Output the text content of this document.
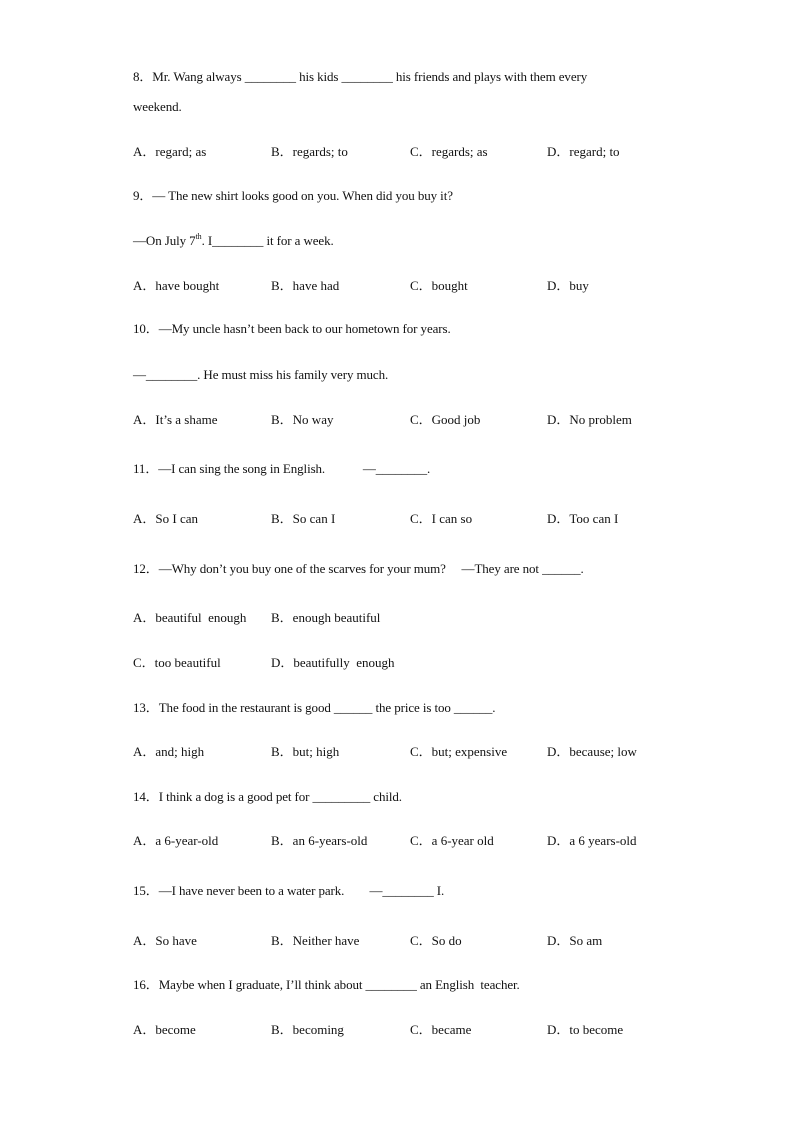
8．Mr. Wang always ________ his kids ________ his friends and plays with them every
weekend.
A．regard; as	B．regards; to	C．regards; as	D．regard; to
9．— The new shirt looks good on you. When did you buy it?
—On July 7th. I________ it for a week.
A．have bought	B．have had	C．bought	D．buy
10．—My uncle hasn’t been back to our hometown for years.
—________. He must miss his family very much.
A．It’s a shame	B．No way	C．Good job	D．No problem
11．—I can sing the song in English.            —________.
A．So I can	B．So can I	C．I can so	D．Too can I
12．—Why don’t you buy one of the scarves for your mum?     —They are not ______.
A．beautiful  enough B．enough beautiful
C．too beautiful	D．beautifully  enough
13．The food in the restaurant is good ______ the price is too ______.
A．and; high	B．but; high	C．but; expensive	D．because; low
14．I think a dog is a good pet for _________ child.
A．a 6-year-old	B．an 6-years-old	C．a 6-year old	D．a 6 years-old
15．—I have never been to a water park.        —________ I.
A．So have	B．Neither have	C．So do	D．So am
16．Maybe when I graduate, I’ll think about ________ an English  teacher.
A．become	B．becoming	C．became	D．to become
